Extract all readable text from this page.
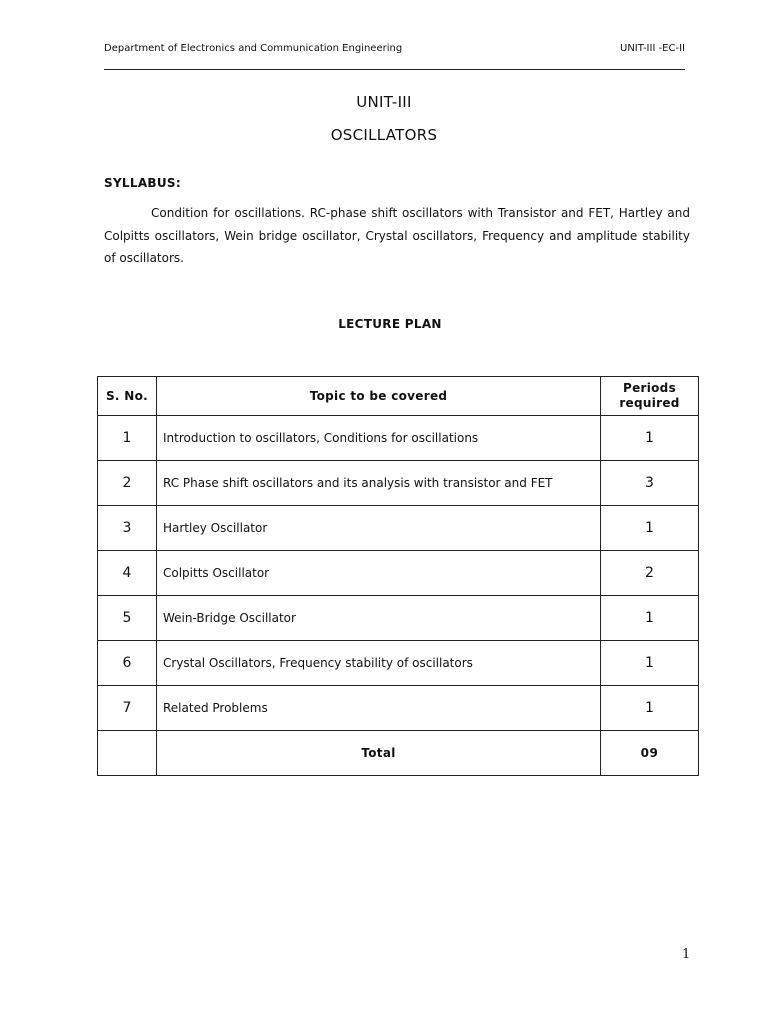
Department of Electronics and Communication Engineering	UNIT-III -EC-II
UNIT-III
OSCILLATORS
SYLLABUS:
Condition for oscillations. RC-phase shift oscillators with Transistor and FET, Hartley and Colpitts oscillators, Wein bridge oscillator, Crystal oscillators, Frequency and amplitude stability of oscillators.
LECTURE PLAN
S. No.	Topic to be covered	Periods
required
1	Introduction to oscillators, Conditions for oscillations	1
2	RC Phase shift oscillators and its analysis with transistor and FET	3
3	Hartley Oscillator	1
4	Colpitts Oscillator	2
5	Wein-Bridge Oscillator	1
6	Crystal Oscillators, Frequency stability of oscillators	1
7	Related Problems	1
	Total	09
1
